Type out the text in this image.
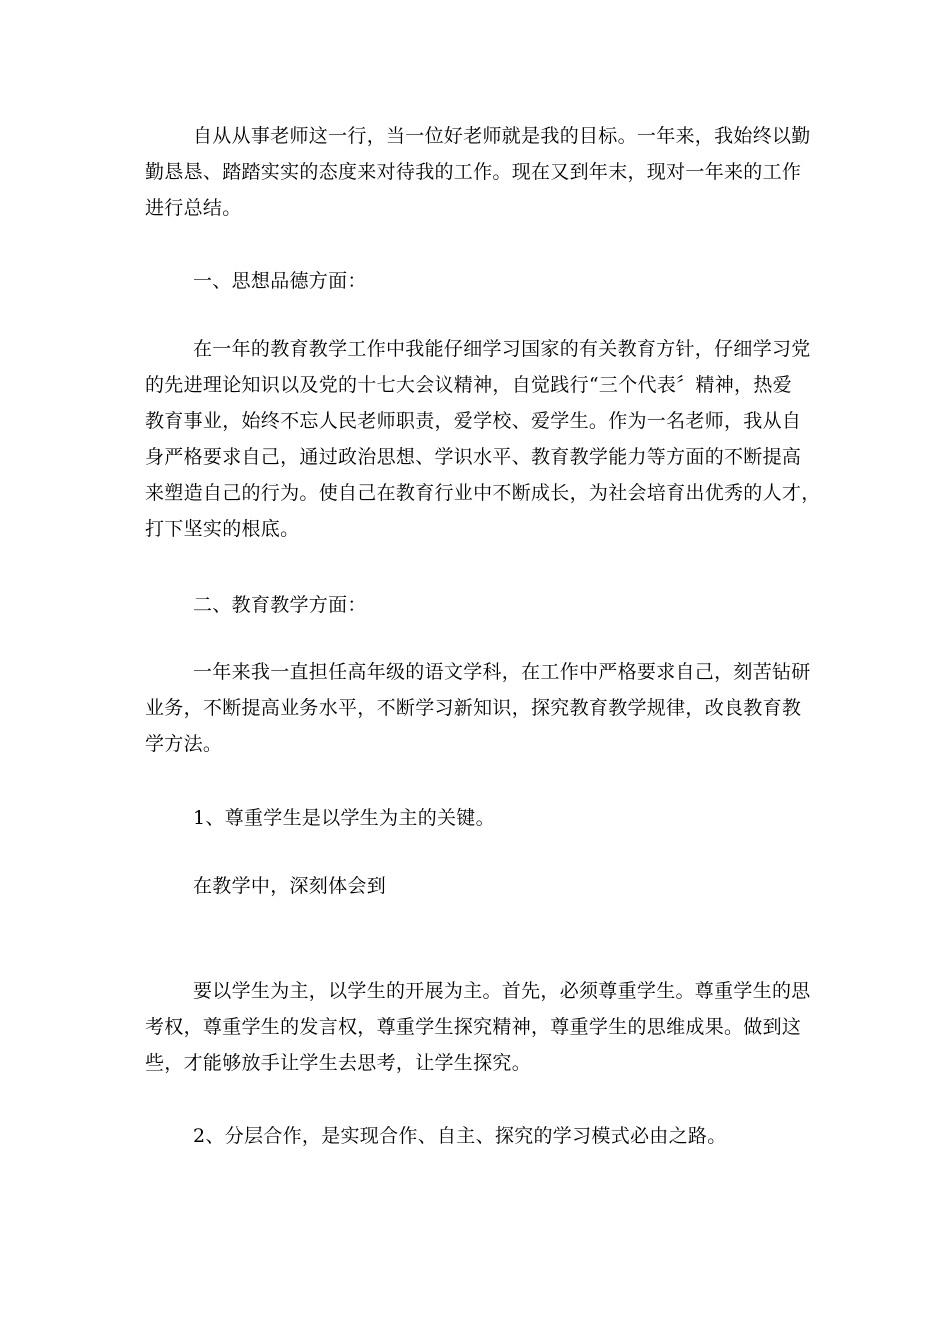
自从从事老师这一行，当一位好老师就是我的目标。一年来，我始终以勤
勤恳恳、踏踏实实的态度来对待我的工作。现在又到年末，现对一年来的工作
进行总结。

一、思想品德方面：

在一年的教育教学工作中我能仔细学习国家的有关教育方针，仔细学习党
的先进理论知识以及党的十七大会议精神，自觉践行“三个代表〞精神，热爱
教育事业，始终不忘人民老师职责，爱学校、爱学生。作为一名老师，我从自
身严格要求自己，通过政治思想、学识水平、教育教学能力等方面的不断提高
来塑造自己的行为。使自己在教育行业中不断成长，为社会培育出优秀的人才，
打下坚实的根底。

二、教育教学方面：

一年来我一直担任高年级的语文学科，在工作中严格要求自己，刻苦钻研
业务，不断提高业务水平，不断学习新知识，探究教育教学规律，改良教育教
学方法。

1、尊重学生是以学生为主的关键。

在教学中，深刻体会到

要以学生为主，以学生的开展为主。首先，必须尊重学生。尊重学生的思
考权，尊重学生的发言权，尊重学生探究精神，尊重学生的思维成果。做到这
些，才能够放手让学生去思考，让学生探究。

2、分层合作，是实现合作、自主、探究的学习模式必由之路。
